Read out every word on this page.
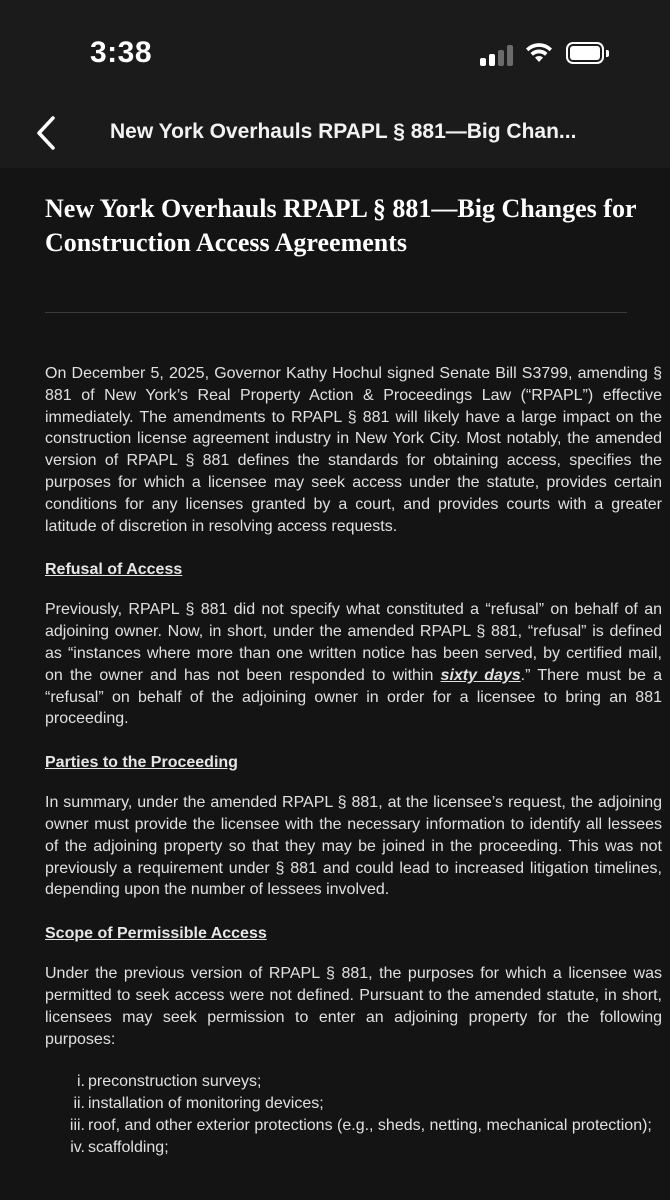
3:38
New York Overhauls RPAPL § 881—Big Chan...
New York Overhauls RPAPL § 881—Big Changes for Construction Access Agreements

On December 5, 2025, Governor Kathy Hochul signed Senate Bill S3799, amending § 881 of New York’s Real Property Action & Proceedings Law (“RPAPL”) effective immediately. The amendments to RPAPL § 881 will likely have a large impact on the construction license agreement industry in New York City. Most notably, the amended version of RPAPL § 881 defines the standards for obtaining access, specifies the purposes for which a licensee may seek access under the statute, provides certain conditions for any licenses granted by a court, and provides courts with a greater latitude of discretion in resolving access requests.

Refusal of Access

Previously, RPAPL § 881 did not specify what constituted a “refusal” on behalf of an adjoining owner. Now, in short, under the amended RPAPL § 881, “refusal” is defined as “instances where more than one written notice has been served, by certified mail, on the owner and has not been responded to within sixty days.” There must be a “refusal” on behalf of the adjoining owner in order for a licensee to bring an 881 proceeding.

Parties to the Proceeding

In summary, under the amended RPAPL § 881, at the licensee’s request, the adjoining owner must provide the licensee with the necessary information to identify all lessees of the adjoining property so that they may be joined in the proceeding. This was not previously a requirement under § 881 and could lead to increased litigation timelines, depending upon the number of lessees involved.

Scope of Permissible Access

Under the previous version of RPAPL § 881, the purposes for which a licensee was permitted to seek access were not defined. Pursuant to the amended statute, in short, licensees may seek permission to enter an adjoining property for the following purposes:

i. preconstruction surveys;
ii. installation of monitoring devices;
iii. roof, and other exterior protections (e.g., sheds, netting, mechanical protection);
iv. scaffolding;
